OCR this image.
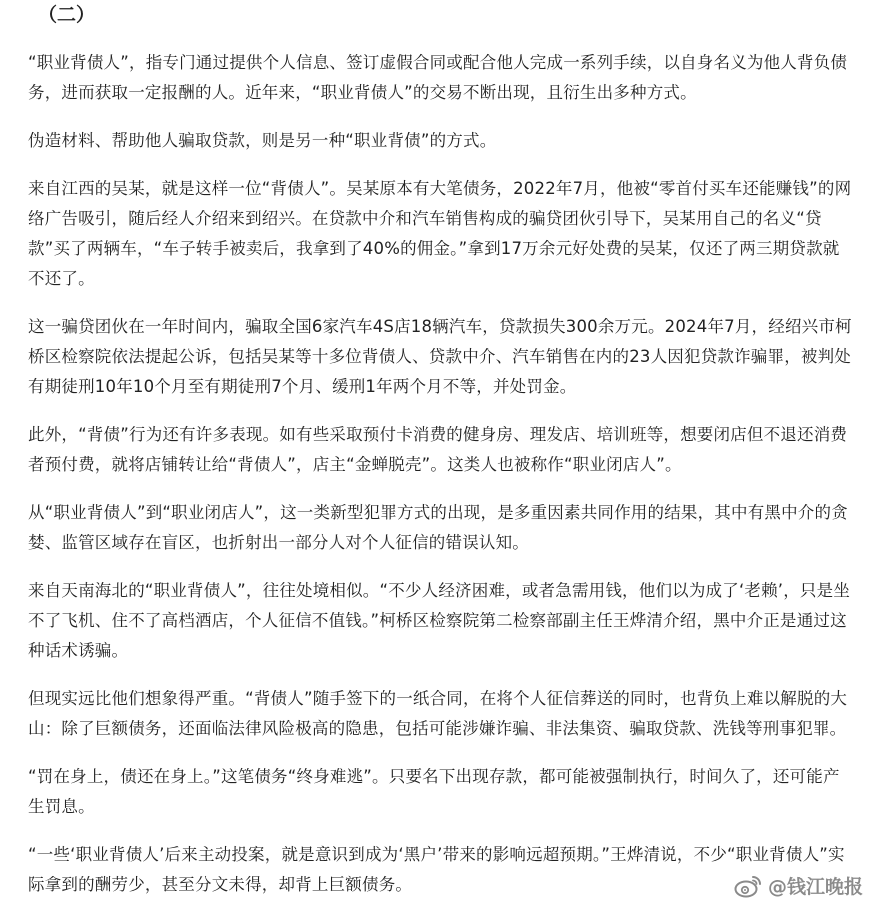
（二）

“职业背债人”，指专门通过提供个人信息、签订虚假合同或配合他人完成一系列手续，以自身名义为他人背负债务，进而获取一定报酬的人。近年来，“职业背债人”的交易不断出现，且衍生出多种方式。

伪造材料、帮助他人骗取贷款，则是另一种“职业背债”的方式。

来自江西的吴某，就是这样一位“背债人”。吴某原本有大笔债务，2022年7月，他被“零首付买车还能赚钱”的网络广告吸引，随后经人介绍来到绍兴。在贷款中介和汽车销售构成的骗贷团伙引导下，吴某用自己的名义“贷款”买了两辆车，“车子转手被卖后，我拿到了40%的佣金。”拿到17万余元好处费的吴某，仅还了两三期贷款就不还了。

这一骗贷团伙在一年时间内，骗取全国6家汽车4S店18辆汽车，贷款损失300余万元。2024年7月，经绍兴市柯桥区检察院依法提起公诉，包括吴某等十多位背债人、贷款中介、汽车销售在内的23人因犯贷款诈骗罪，被判处有期徒刑10年10个月至有期徒刑7个月、缓刑1年两个月不等，并处罚金。

此外，“背债”行为还有许多表现。如有些采取预付卡消费的健身房、理发店、培训班等，想要闭店但不退还消费者预付费，就将店铺转让给“背债人”，店主“金蝉脱壳”。这类人也被称作“职业闭店人”。

从“职业背债人”到“职业闭店人”，这一类新型犯罪方式的出现，是多重因素共同作用的结果，其中有黑中介的贪婪、监管区域存在盲区，也折射出一部分人对个人征信的错误认知。

来自天南海北的“职业背债人”，往往处境相似。“不少人经济困难，或者急需用钱，他们以为成了‘老赖’，只是坐不了飞机、住不了高档酒店，个人征信不值钱。”柯桥区检察院第二检察部副主任王烨清介绍，黑中介正是通过这种话术诱骗。

但现实远比他们想象得严重。“背债人”随手签下的一纸合同，在将个人征信葬送的同时，也背负上难以解脱的大山：除了巨额债务，还面临法律风险极高的隐患，包括可能涉嫌诈骗、非法集资、骗取贷款、洗钱等刑事犯罪。

“罚在身上，债还在身上。”这笔债务“终身难逃”。只要名下出现存款，都可能被强制执行，时间久了，还可能产生罚息。

“一些‘职业背债人’后来主动投案，就是意识到成为‘黑户’带来的影响远超预期。”王烨清说，不少“职业背债人”实际拿到的酬劳少，甚至分文未得，却背上巨额债务。	@钱江晚报
